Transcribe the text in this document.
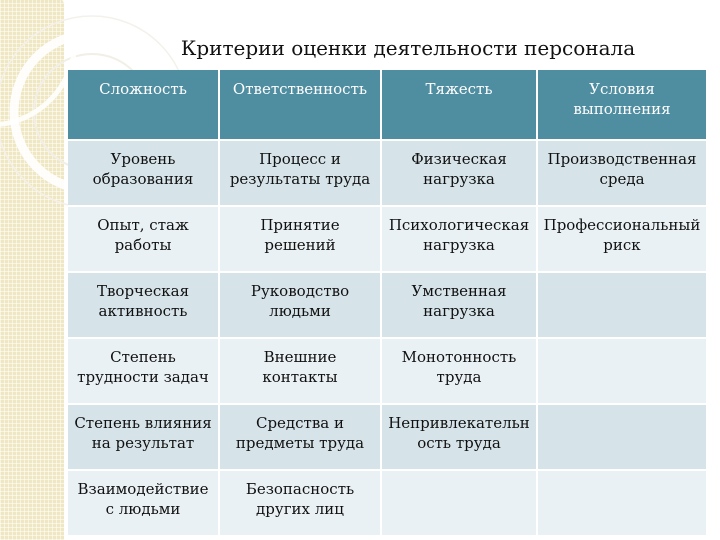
Критерии оценки деятельности персонала
Сложность	Ответственность	Тяжесть	Условия выполнения
Уровень образования	Процесс и результаты труда	Физическая нагрузка	Производственная среда
Опыт, стаж работы	Принятие решений	Психологическая нагрузка	Профессиональный риск
Творческая активность	Руководство людьми	Умственная нагрузка	
Степень трудности задач	Внешние контакты	Монотонность труда	
Степень влияния на результат	Средства и предметы труда	Непривлекательн ость труда	
Взаимодействие с людьми	Безопасность других лиц		
